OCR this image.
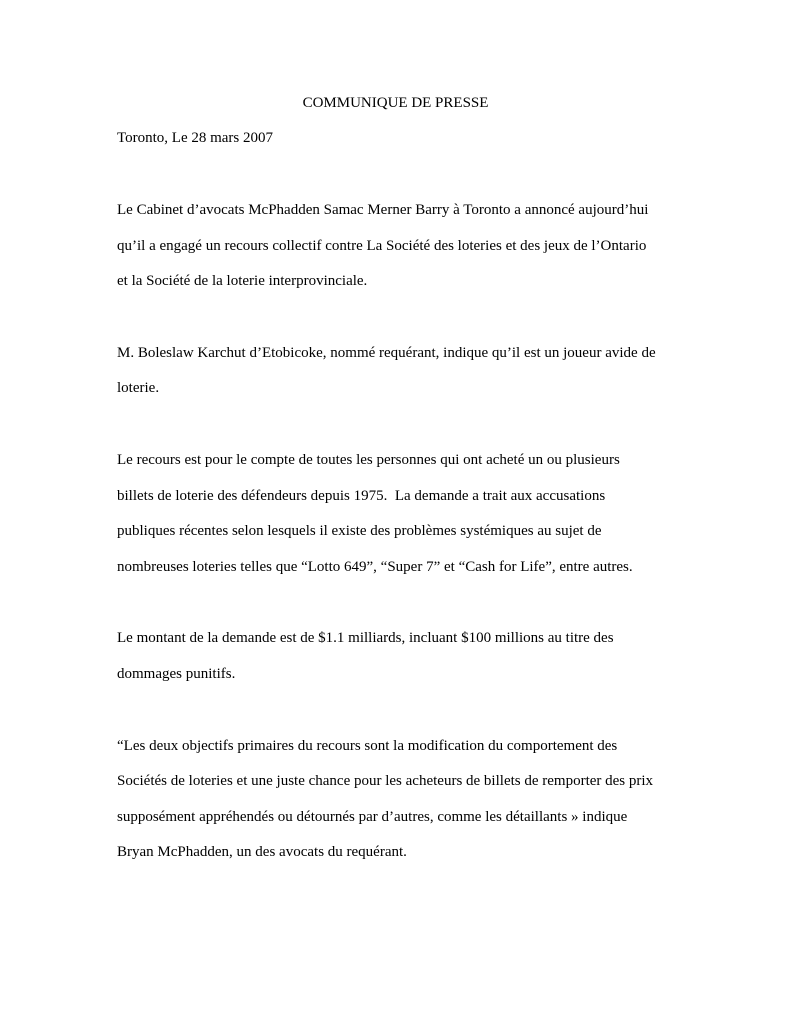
COMMUNIQUE DE PRESSE
Toronto, Le 28 mars 2007
Le Cabinet d’avocats McPhadden Samac Merner Barry à Toronto a annoncé aujourd’hui
qu’il a engagé un recours collectif contre La Société des loteries et des jeux de l’Ontario
et la Société de la loterie interprovinciale.
M. Boleslaw Karchut d’Etobicoke, nommé requérant, indique qu’il est un joueur avide de
loterie.
Le recours est pour le compte de toutes les personnes qui ont acheté un ou plusieurs
billets de loterie des défendeurs depuis 1975.  La demande a trait aux accusations
publiques récentes selon lesquels il existe des problèmes systémiques au sujet de
nombreuses loteries telles que “Lotto 649”, “Super 7” et “Cash for Life”, entre autres.
Le montant de la demande est de $1.1 milliards, incluant $100 millions au titre des
dommages punitifs.
“Les deux objectifs primaires du recours sont la modification du comportement des
Sociétés de loteries et une juste chance pour les acheteurs de billets de remporter des prix
supposément appréhendés ou détournés par d’autres, comme les détaillants » indique
Bryan McPhadden, un des avocats du requérant.
